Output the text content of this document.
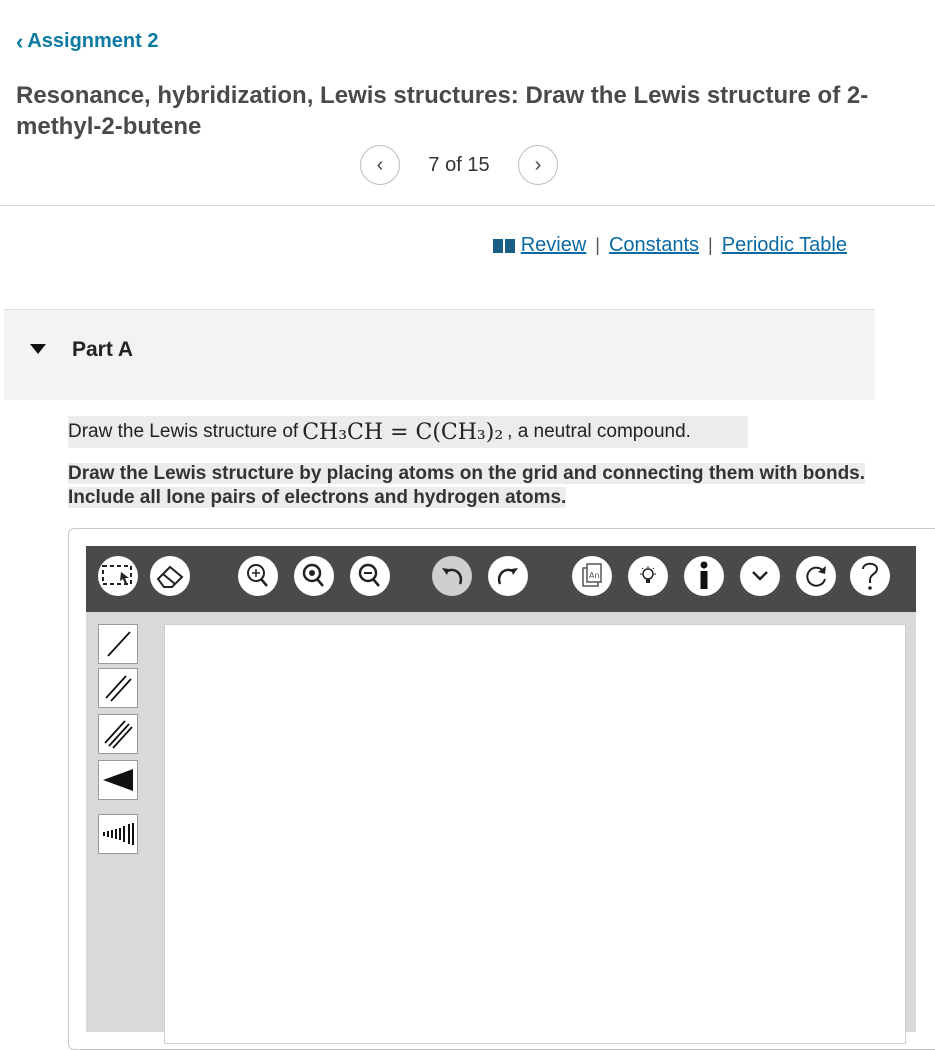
‹ Assignment 2
Resonance, hybridization, Lewis structures: Draw the Lewis structure of 2-methyl-2-butene
‹	7 of 15	›
Review | Constants | Periodic Table
Part A
Draw the Lewis structure of CH₃CH = C(CH₃)₂ , a neutral compound.
Draw the Lewis structure by placing atoms on the grid and connecting them with bonds. Include all lone pairs of electrons and hydrogen atoms.
An
